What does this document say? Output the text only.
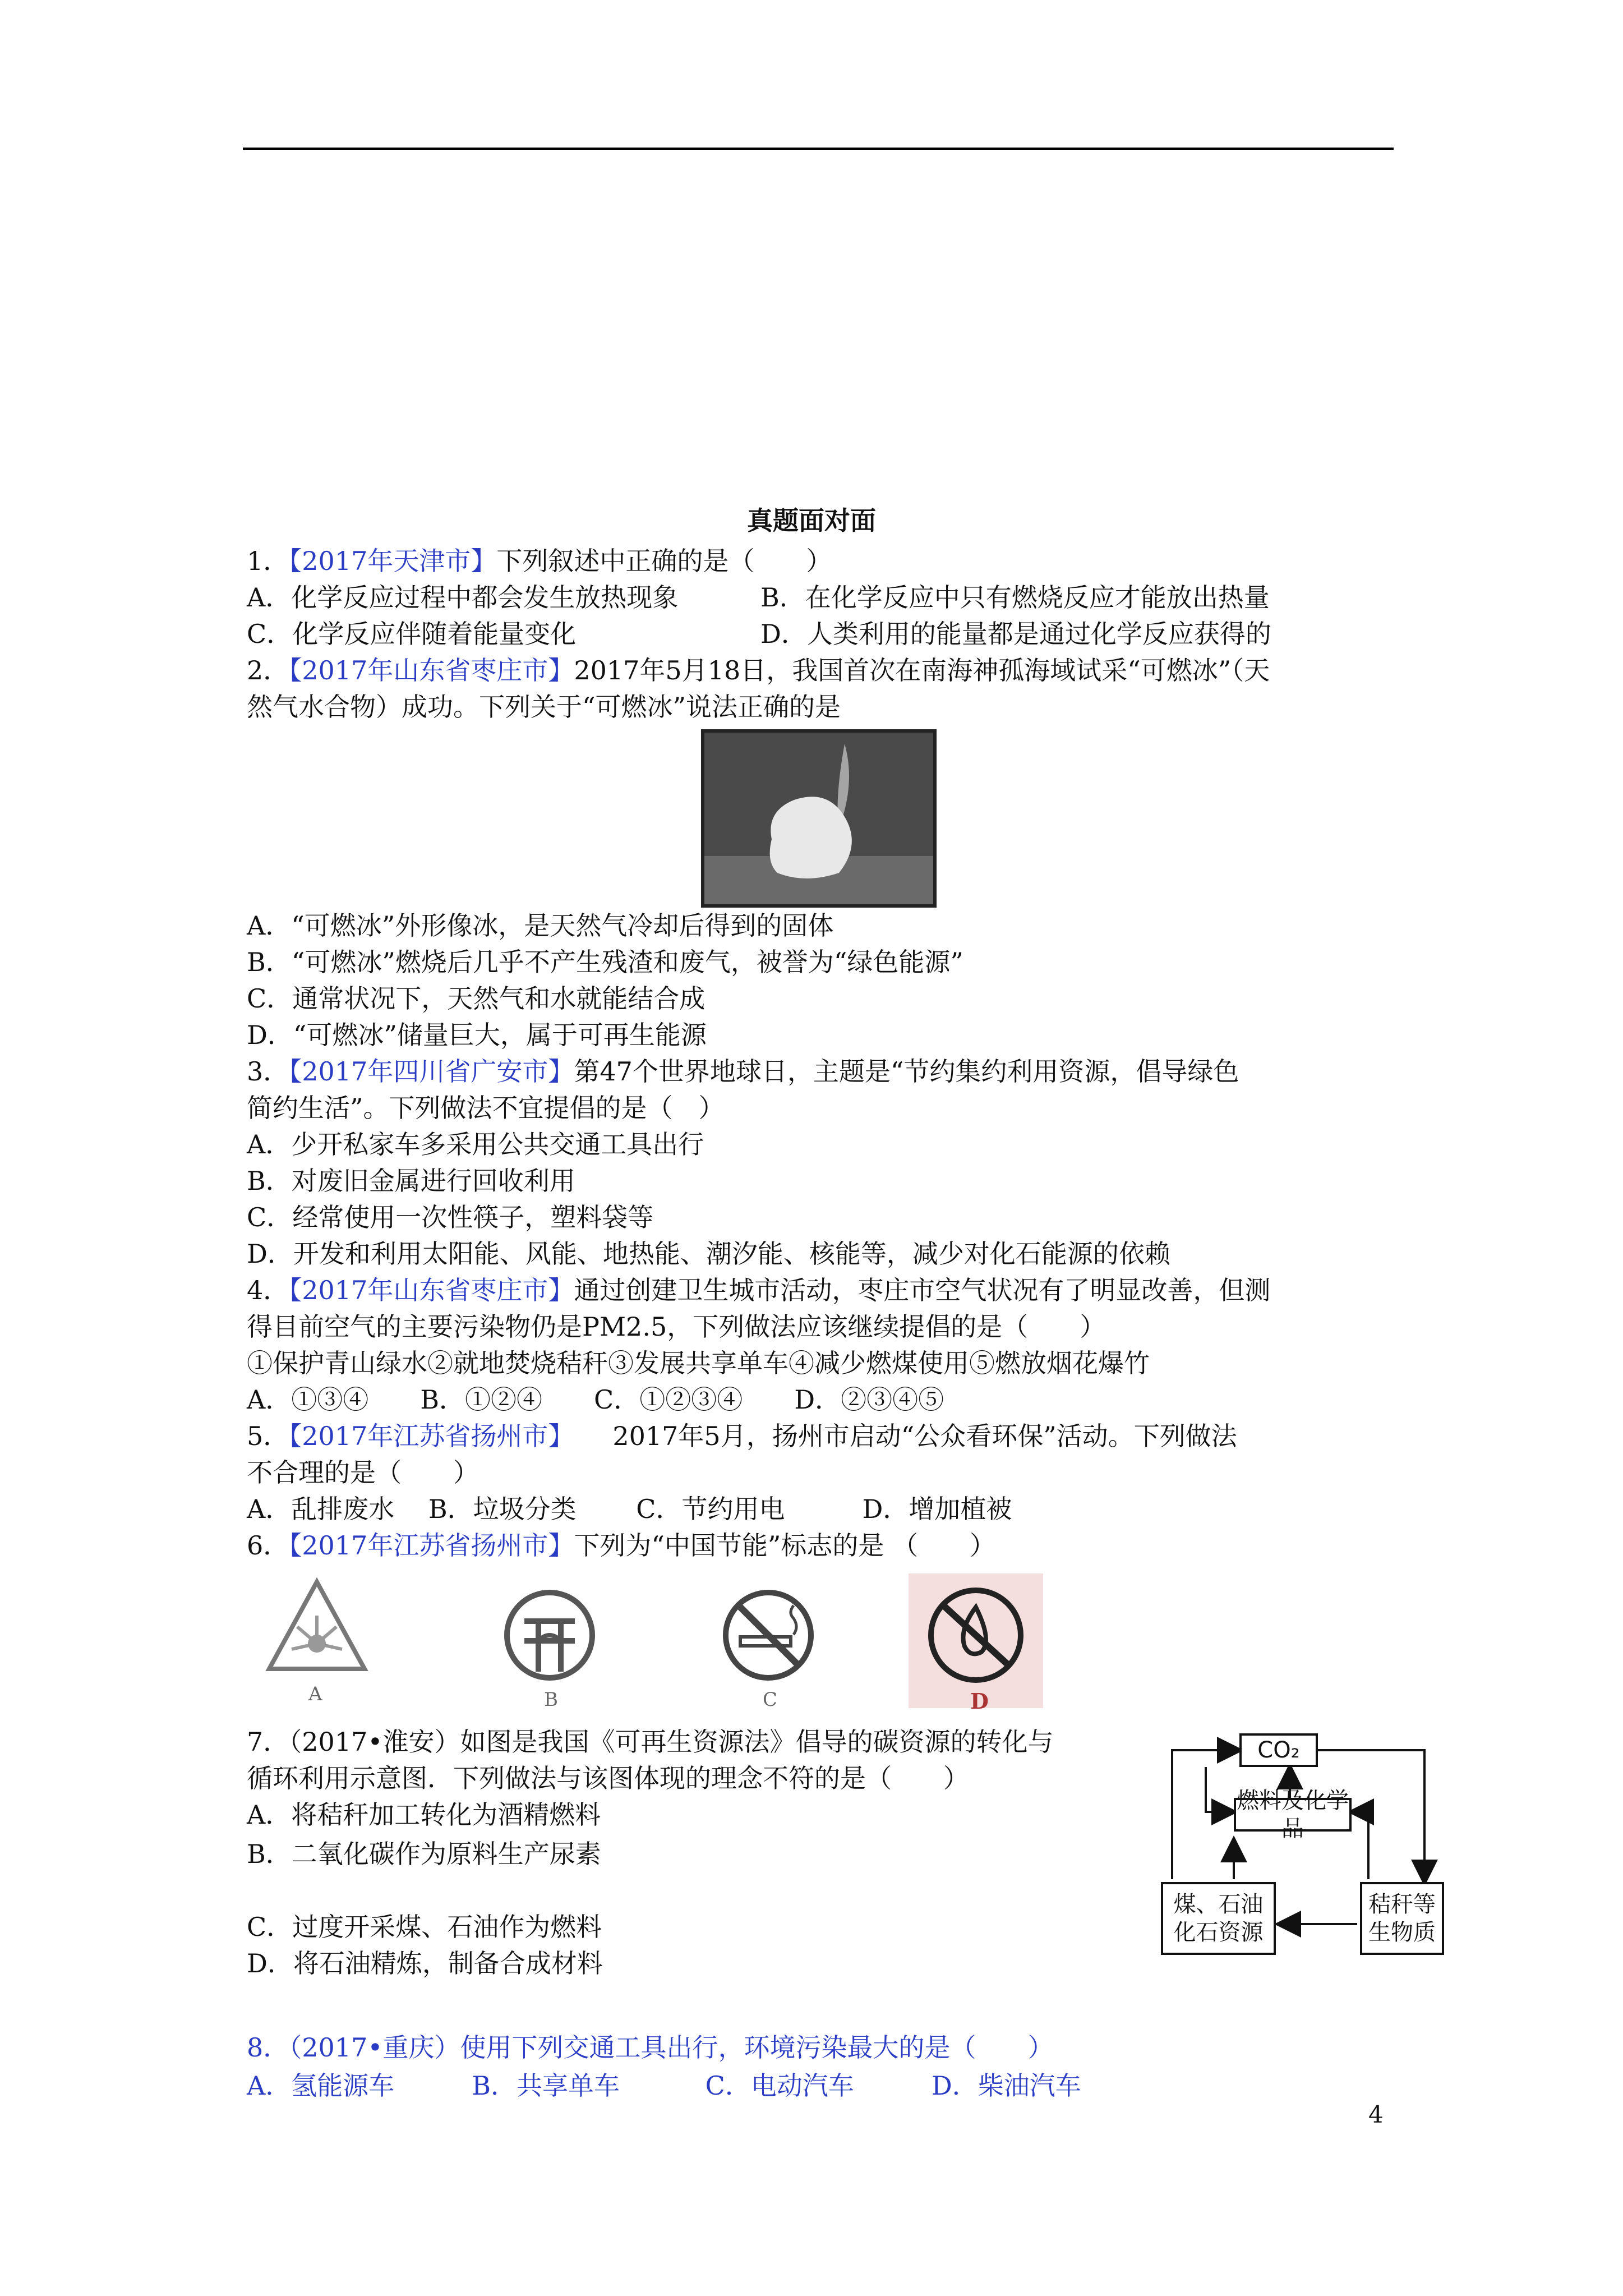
真题面对面
1．【2017年天津市】下列叙述中正确的是（　　）
A．化学反应过程中都会发生放热现象	B．在化学反应中只有燃烧反应才能放出热量
C．化学反应伴随着能量变化	D．人类利用的能量都是通过化学反应获得的
2．【2017年山东省枣庄市】2017年5月18日，我国首次在南海神孤海域试采“可燃冰”（天
然气水合物）成功。下列关于“可燃冰”说法正确的是
A．“可燃冰”外形像冰，是天然气冷却后得到的固体
B．“可燃冰”燃烧后几乎不产生残渣和废气，被誉为“绿色能源”
C．通常状况下，天然气和水就能结合成
D．“可燃冰”储量巨大，属于可再生能源
3．【2017年四川省广安市】第47个世界地球日，主题是“节约集约利用资源，倡导绿色
简约生活”。下列做法不宜提倡的是（　）
A．少开私家车多采用公共交通工具出行
B．对废旧金属进行回收利用
C．经常使用一次性筷子，塑料袋等
D．开发和利用太阳能、风能、地热能、潮汐能、核能等，减少对化石能源的依赖
4．【2017年山东省枣庄市】通过创建卫生城市活动，枣庄市空气状况有了明显改善，但测
得目前空气的主要污染物仍是PM2.5，下列做法应该继续提倡的是（　　）
①保护青山绿水②就地焚烧秸秆③发展共享单车④减少燃煤使用⑤燃放烟花爆竹
A．①③④　　B．①②④　　C．①②③④　　D．②③④⑤
5．【2017年江苏省扬州市】　　2017年5月，扬州市启动“公众看环保”活动。下列做法
不合理的是（　　）
A．乱排废水　 B．垃圾分类　　 C．节约用电　　　D．增加植被
6．【2017年江苏省扬州市】下列为“中国节能”标志的是 （　　）
A	B	C	D
7．（2017•淮安）如图是我国《可再生资源法》倡导的碳资源的转化与
循环利用示意图．下列做法与该图体现的理念不符的是（　　）
A．将秸秆加工转化为酒精燃料
B．二氧化碳作为原料生产尿素
C．过度开采煤、石油作为燃料
D．将石油精炼，制备合成材料
CO₂
燃料及化学品
煤、石油
化石资源
秸秆等
生物质
8．（2017•重庆）使用下列交通工具出行，环境污染最大的是（　　）
A．氢能源车　　　B．共享单车　　　 C．电动汽车　　　D．柴油汽车
4
